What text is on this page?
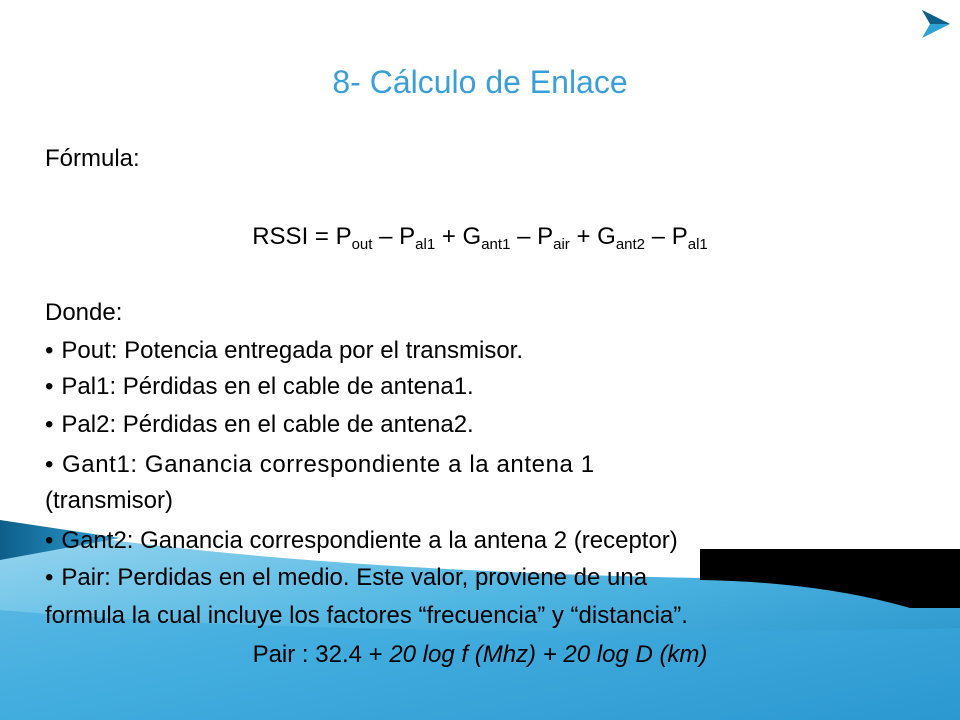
8- Cálculo de Enlace

Fórmula:

RSSI = $P_{out} - P_{al1} + G_{ant1} - P_{air} + G_{ant2} - P_{al1}$

Donde:

• Pout: Potencia entregada por el transmisor.

• Pal1: Pérdidas en el cable de antena1.

• Pal2: Pérdidas en el cable de antena2.

• Gant1: Ganancia correspondiente a la antena 1

(transmisor)

• Gant2: Ganancia correspondiente a la antena 2 (receptor)

• Pair: Perdidas en el medio. Este valor, proviene de una

formula la cual incluye los factores “frecuencia” y “distancia”.

Pair : 32.4 + 20 log f (Mhz) + 20 log D (km)
